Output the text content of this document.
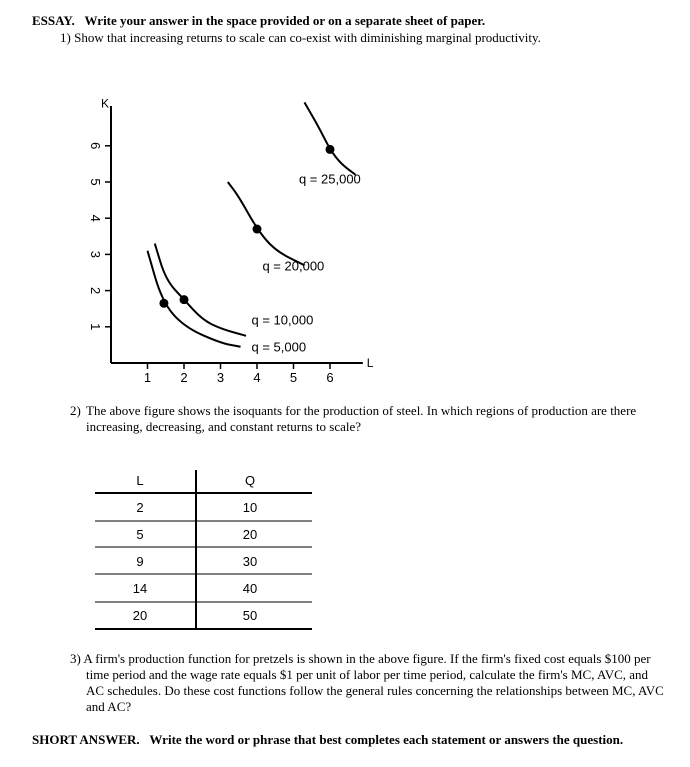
ESSAY. Write your answer in the space provided or on a separate sheet of paper.
1) Show that increasing returns to scale can co-exist with diminishing marginal productivity.
K
L
1
2
3
4
5
6
1 2 3 4 5 6
q = 5,000
q = 10,000
q = 20,000
q = 25,000
2) The above figure shows the isoquants for the production of steel. In which regions of production are there
increasing, decreasing, and constant returns to scale?
L	Q
2	10
5	20
9	30
14	40
20	50
3) A firm's production function for pretzels is shown in the above figure. If the firm's fixed cost equals $100 per
time period and the wage rate equals $1 per unit of labor per time period, calculate the firm's MC, AVC, and
AC schedules. Do these cost functions follow the general rules concerning the relationships between MC, AVC
and AC?
SHORT ANSWER. Write the word or phrase that best completes each statement or answers the question.
